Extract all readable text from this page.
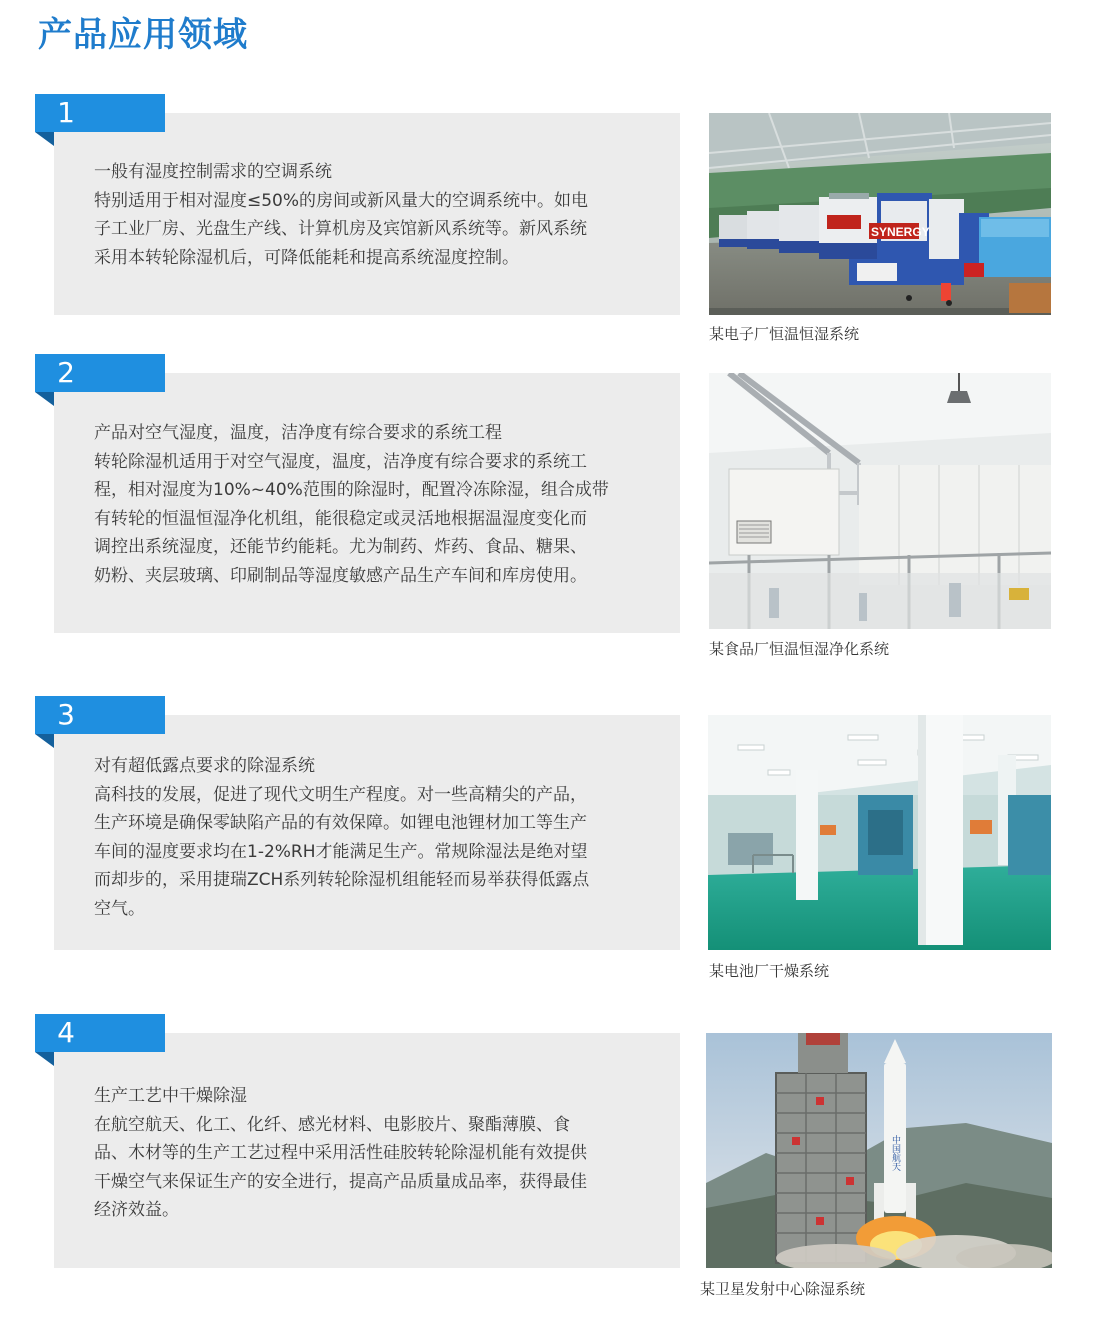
产品应用领域
1

一般有湿度控制需求的空调系统

特别适用于相对湿度≤50%的房间或新风量大的空调系统中。如电

子工业厂房、光盘生产线、计算机房及宾馆新风系统等。新风系统

采用本转轮除湿机后，可降低能耗和提高系统湿度控制。

SYNERGY
某电子厂恒温恒湿系统
2

产品对空气湿度，温度，洁净度有综合要求的系统工程

转轮除湿机适用于对空气湿度，温度，洁净度有综合要求的系统工

程，相对湿度为10%~40%范围的除湿时，配置冷冻除湿，组合成带

有转轮的恒温恒湿净化机组，能很稳定或灵活地根据温湿度变化而

调控出系统湿度，还能节约能耗。尤为制药、炸药、食品、糖果、

奶粉、夹层玻璃、印刷制品等湿度敏感产品生产车间和库房使用。

某食品厂恒温恒湿净化系统
3

对有超低露点要求的除湿系统

高科技的发展，促进了现代文明生产程度。对一些高精尖的产品，

生产环境是确保零缺陷产品的有效保障。如锂电池锂材加工等生产

车间的湿度要求均在1-2%RH才能满足生产。常规除湿法是绝对望

而却步的，采用捷瑞ZCH系列转轮除湿机组能轻而易举获得低露点

空气。

某电池厂干燥系统
4

生产工艺中干燥除湿

在航空航天、化工、化纤、感光材料、电影胶片、聚酯薄膜、食

品、木材等的生产工艺过程中采用活性硅胶转轮除湿机能有效提供

干燥空气来保证生产的安全进行，提高产品质量成品率，获得最佳

经济效益。

中国航天
某卫星发射中心除湿系统
